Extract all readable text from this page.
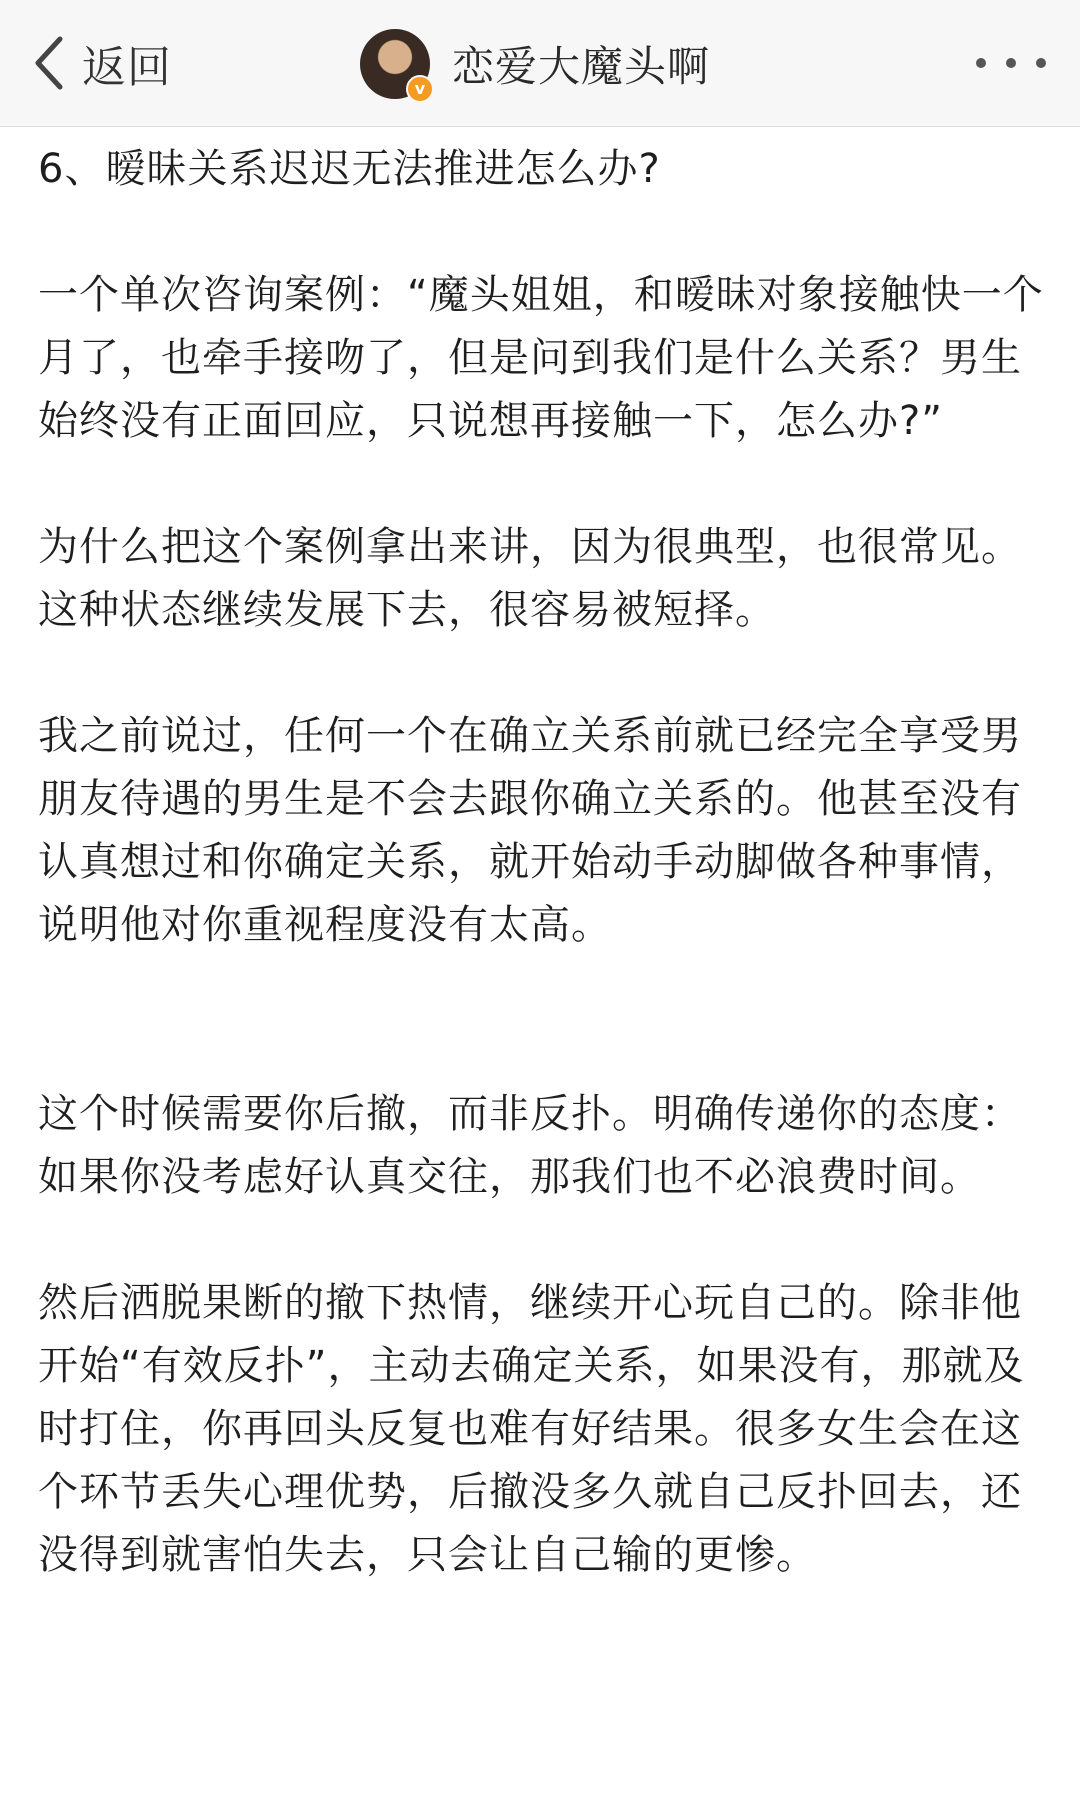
返回	v 恋爱大魔头啊

6、暧昧关系迟迟无法推进怎么办?

一个单次咨询案例：“魔头姐姐，和暧昧对象接触快一个月了，也牵手接吻了，但是问到我们是什么关系？男生始终没有正面回应，只说想再接触一下，怎么办?”

为什么把这个案例拿出来讲，因为很典型，也很常见。这种状态继续发展下去，很容易被短择。

我之前说过，任何一个在确立关系前就已经完全享受男朋友待遇的男生是不会去跟你确立关系的。他甚至没有认真想过和你确定关系，就开始动手动脚做各种事情，说明他对你重视程度没有太高。

这个时候需要你后撤，而非反扑。明确传递你的态度：如果你没考虑好认真交往，那我们也不必浪费时间。

然后洒脱果断的撤下热情，继续开心玩自己的。除非他开始“有效反扑”，主动去确定关系，如果没有，那就及时打住，你再回头反复也难有好结果。很多女生会在这个环节丢失心理优势，后撤没多久就自己反扑回去，还没得到就害怕失去，只会让自己输的更惨。
